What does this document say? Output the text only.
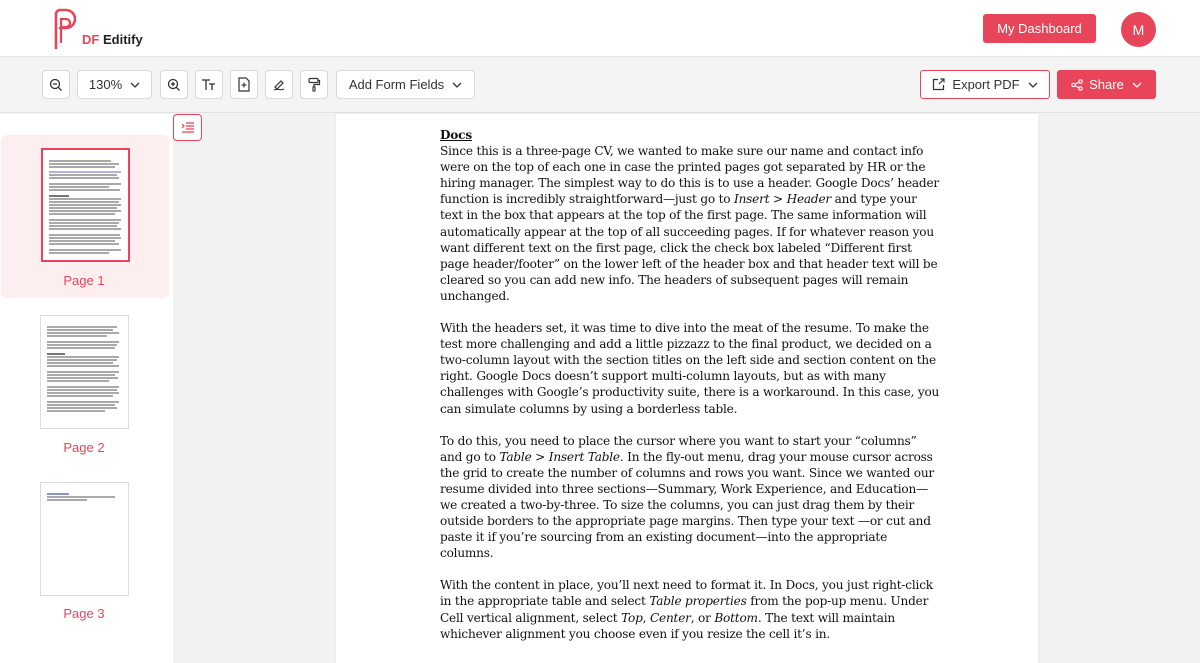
DF Editify
My Dashboard	M
130%	Add Form Fields	Export PDF	Share
Page 1
Page 2
Page 3
Docs

Since this is a three-page CV, we wanted to make sure our name and contact info were on the top of each one in case the printed pages got separated by HR or the hiring manager. The simplest way to do this is to use a header. Google Docs’ header function is incredibly straightforward—just go to Insert > Header and type your text in the box that appears at the top of the first page. The same information will automatically appear at the top of all succeeding pages. If for whatever reason you want different text on the first page, click the check box labeled “Different first page header/footer” on the lower left of the header box and that header text will be cleared so you can add new info. The headers of subsequent pages will remain unchanged.

With the headers set, it was time to dive into the meat of the resume. To make the test more challenging and add a little pizzazz to the final product, we decided on a two-column layout with the section titles on the left side and section content on the right. Google Docs doesn’t support multi-column layouts, but as with many challenges with Google’s productivity suite, there is a workaround. In this case, you can simulate columns by using a borderless table.

To do this, you need to place the cursor where you want to start your “columns” and go to Table > Insert Table. In the fly-out menu, drag your mouse cursor across the grid to create the number of columns and rows you want. Since we wanted our resume divided into three sections—Summary, Work Experience, and Education—we created a two-by-three. To size the columns, you can just drag them by their outside borders to the appropriate page margins. Then type your text —or cut and paste it if you’re sourcing from an existing document—into the appropriate columns.

With the content in place, you’ll next need to format it. In Docs, you just right-click in the appropriate table and select Table properties from the pop-up menu. Under Cell vertical alignment, select Top, Center, or Bottom. The text will maintain whichever alignment you choose even if you resize the cell it’s in.
